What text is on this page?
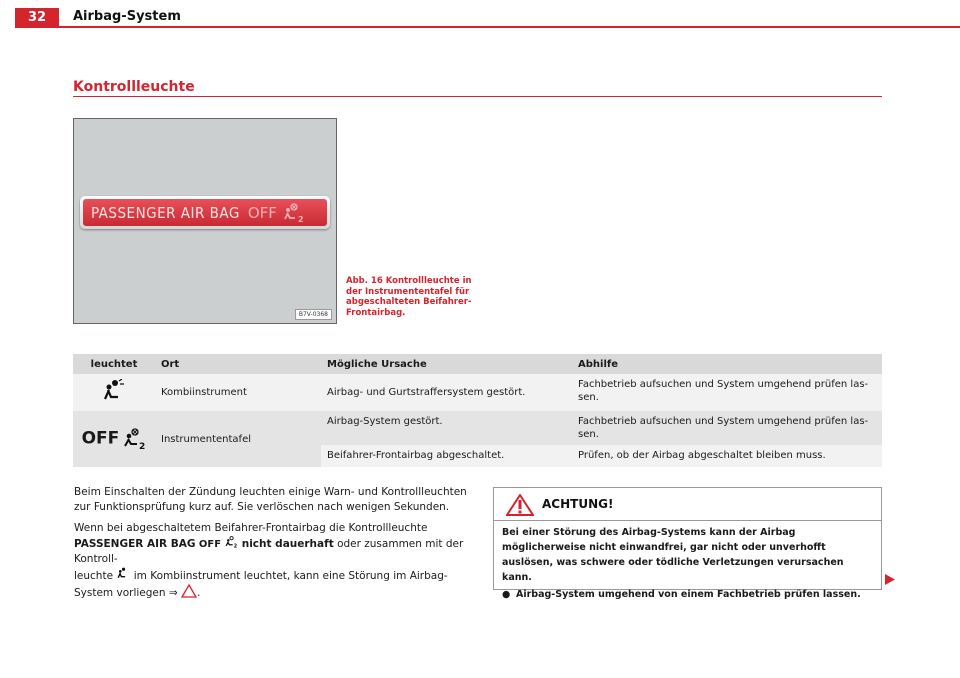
32	Airbag-System
Kontrollleuchte
PASSENGER AIR BAG OFF	2
B7V-0368
Abb. 16 Kontrollleuchte in der Instrumententafel für abgeschalteten Beifahrer-Frontairbag.
leuchtet	Ort	Mögliche Ursache	Abhilfe
	Kombiinstrument	Airbag- und Gurtstraffersystem gestört.	Fachbetrieb aufsuchen und System umgehend prüfen las-sen.
OFF 2	Instrumententafel	Airbag-System gestört.	Fachbetrieb aufsuchen und System umgehend prüfen las-sen.
		Beifahrer-Frontairbag abgeschaltet.	Prüfen, ob der Airbag abgeschaltet bleiben muss.
Beim Einschalten der Zündung leuchten einige Warn- und Kontrollleuchten zur Funktionsprüfung kurz auf. Sie verlöschen nach wenigen Sekunden.
Wenn bei abgeschaltetem Beifahrer-Frontairbag die Kontrollleuchte
PASSENGER AIR BAG OFF 2 nicht dauerhaft oder zusammen mit der Kontroll-
leuchte im Kombiinstrument leuchtet, kann eine Störung im Airbag-
System vorliegen ⇒ .
ACHTUNG!
Bei einer Störung des Airbag-Systems kann der Airbag möglicherweise nicht einwandfrei, gar nicht oder unverhofft auslösen, was schwere oder tödliche Verletzungen verursachen kann.
● Airbag-System umgehend von einem Fachbetrieb prüfen lassen.
